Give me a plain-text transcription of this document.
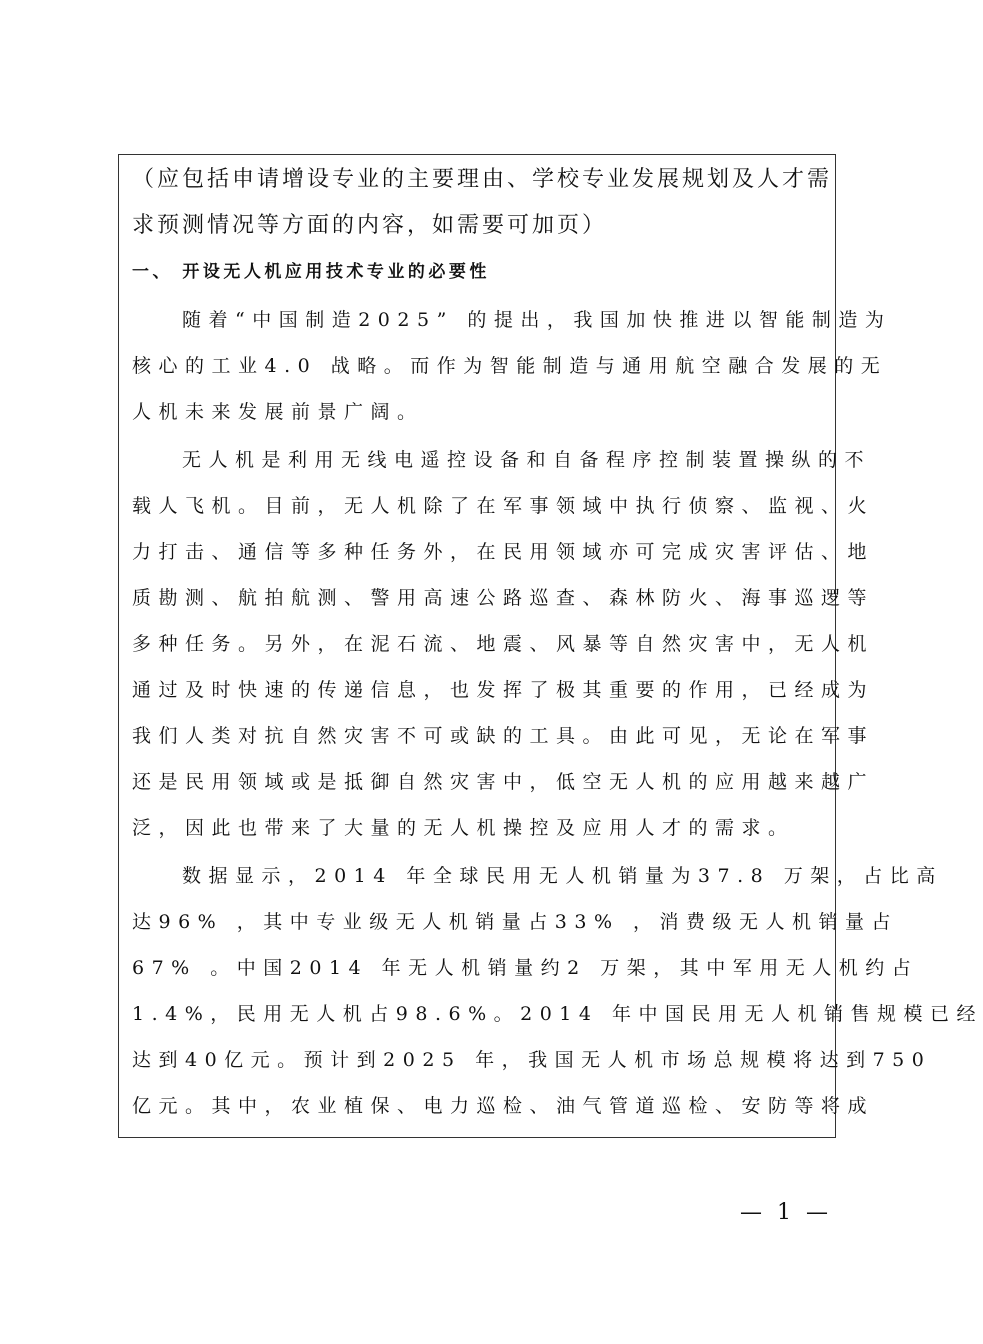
（应包括申请增设专业的主要理由、学校专业发展规划及人才需
求预测情况等方面的内容，如需要可加页）
一、 开设无人机应用技术专业的必要性
随着“中国制造2025” 的提出，我国加快推进以智能制造为
核心的工业4.0 战略。而作为智能制造与通用航空融合发展的无
人机未来发展前景广阔。
无人机是利用无线电遥控设备和自备程序控制装置操纵的不
载人飞机。目前，无人机除了在军事领域中执行侦察、监视、火
力打击、通信等多种任务外，在民用领域亦可完成灾害评估、地
质勘测、航拍航测、警用高速公路巡查、森林防火、海事巡逻等
多种任务。另外，在泥石流、地震、风暴等自然灾害中，无人机
通过及时快速的传递信息，也发挥了极其重要的作用，已经成为
我们人类对抗自然灾害不可或缺的工具。由此可见，无论在军事
还是民用领域或是抵御自然灾害中，低空无人机的应用越来越广
泛，因此也带来了大量的无人机操控及应用人才的需求。
数据显示，2014 年全球民用无人机销量为37.8 万架，占比高
达96% ，其中专业级无人机销量占33% ，消费级无人机销量占
67% 。中国2014 年无人机销量约2 万架，其中军用无人机约占
1.4%，民用无人机占98.6%。2014 年中国民用无人机销售规模已经
达到40亿元。预计到2025 年，我国无人机市场总规模将达到750
亿元。其中，农业植保、电力巡检、油气管道巡检、安防等将成
— 1 —
